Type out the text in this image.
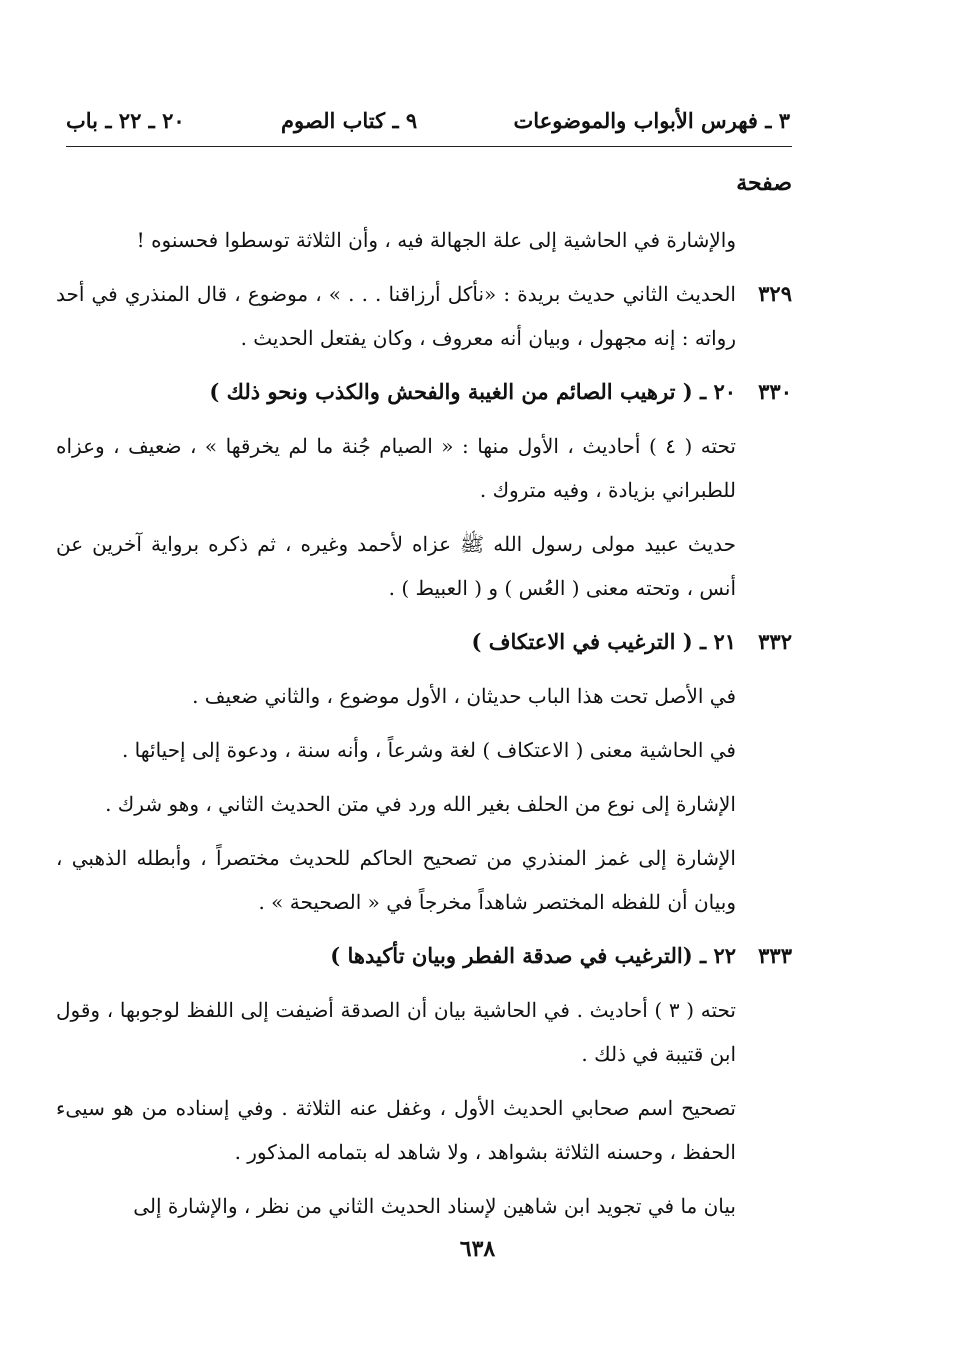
٣ ـ فهرس الأبواب والموضوعات
٩ ـ كتاب الصوم
٢٠ ـ ٢٢ ـ باب
صفحة
والإشارة في الحاشية إلى علة الجهالة فيه ، وأن الثلاثة توسطوا فحسنوه !
٣٢٩
الحديث الثاني حديث بريدة : «نأكل أرزاقنا . . . » ، موضوع ، قال المنذري في أحد رواته : إنه مجهول ، وبيان أنه معروف ، وكان يفتعل الحديث .
٣٣٠
٢٠ ـ ( ترهيب الصائم من الغيبة والفحش والكذب ونحو ذلك )
تحته ( ٤ ) أحاديث ، الأول منها : « الصيام جُنة ما لم يخرقها » ، ضعيف ، وعزاه للطبراني بزيادة ، وفيه متروك .
حديث عبيد مولى رسول الله ﷺ عزاه لأحمد وغيره ، ثم ذكره برواية آخرين عن أنس ، وتحته معنى ( العُس ) و ( العبيط ) .
٣٣٢
٢١ ـ ( الترغيب في الاعتكاف )
في الأصل تحت هذا الباب حديثان ، الأول موضوع ، والثاني ضعيف .
في الحاشية معنى ( الاعتكاف ) لغة وشرعاً ، وأنه سنة ، ودعوة إلى إحيائها .
الإشارة إلى نوع من الحلف بغير الله ورد في متن الحديث الثاني ، وهو شرك .
الإشارة إلى غمز المنذري من تصحيح الحاكم للحديث مختصراً ، وأبطله الذهبي ، وبيان أن للفظه المختصر شاهداً مخرجاً في « الصحيحة » .
٣٣٣
٢٢ ـ (الترغيب في صدقة الفطر وبيان تأكيدها )
تحته ( ٣ ) أحاديث . في الحاشية بيان أن الصدقة أضيفت إلى اللفظ لوجوبها ، وقول ابن قتيبة في ذلك .
تصحيح اسم صحابي الحديث الأول ، وغفل عنه الثلاثة . وفي إسناده من هو سيىء الحفظ ، وحسنه الثلاثة بشواهد ، ولا شاهد له بتمامه المذكور .
بيان ما في تجويد ابن شاهين لإسناد الحديث الثاني من نظر ، والإشارة إلى
٦٣٨
